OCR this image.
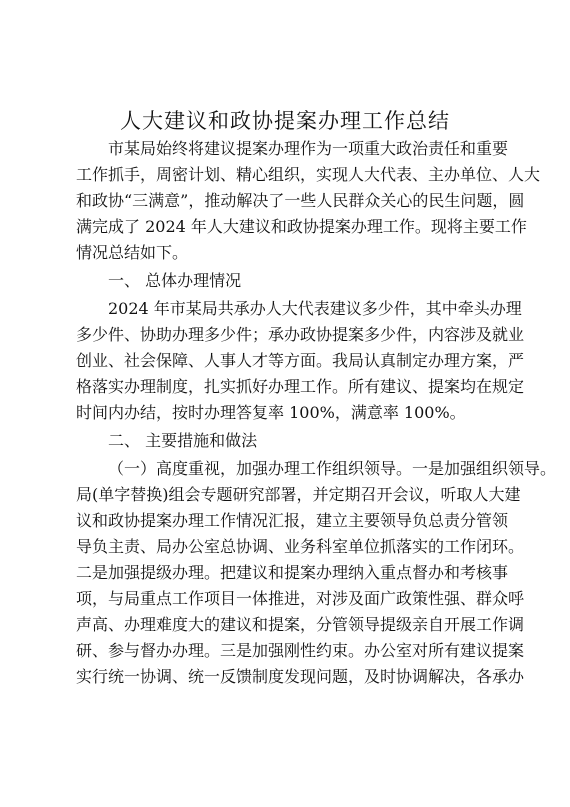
人大建议和政协提案办理工作总结
市某局始终将建议提案办理作为一项重大政治责任和重要
工作抓手，周密计划、精心组织，实现人大代表、主办单位、人大
和政协“三满意”，推动解决了一些人民群众关心的民生问题，圆
满完成了 2024 年人大建议和政协提案办理工作。现将主要工作
情况总结如下。
一、 总体办理情况
2024 年市某局共承办人大代表建议多少件，其中牵头办理
多少件、协助办理多少件；承办政协提案多少件，内容涉及就业
创业、社会保障、人事人才等方面。我局认真制定办理方案，严
格落实办理制度，扎实抓好办理工作。所有建议、提案均在规定
时间内办结，按时办理答复率 100%，满意率 100%。
二、 主要措施和做法
（一）高度重视，加强办理工作组织领导。一是加强组织领导。
局(单字替换)组会专题研究部署，并定期召开会议，听取人大建
议和政协提案办理工作情况汇报，建立主要领导负总责分管领
导负主责、局办公室总协调、业务科室单位抓落实的工作闭环。
二是加强提级办理。把建议和提案办理纳入重点督办和考核事
项，与局重点工作项目一体推进，对涉及面广政策性强、群众呼
声高、办理难度大的建议和提案，分管领导提级亲自开展工作调
研、参与督办办理。三是加强刚性约束。办公室对所有建议提案
实行统一协调、统一反馈制度发现问题，及时协调解决，各承办
